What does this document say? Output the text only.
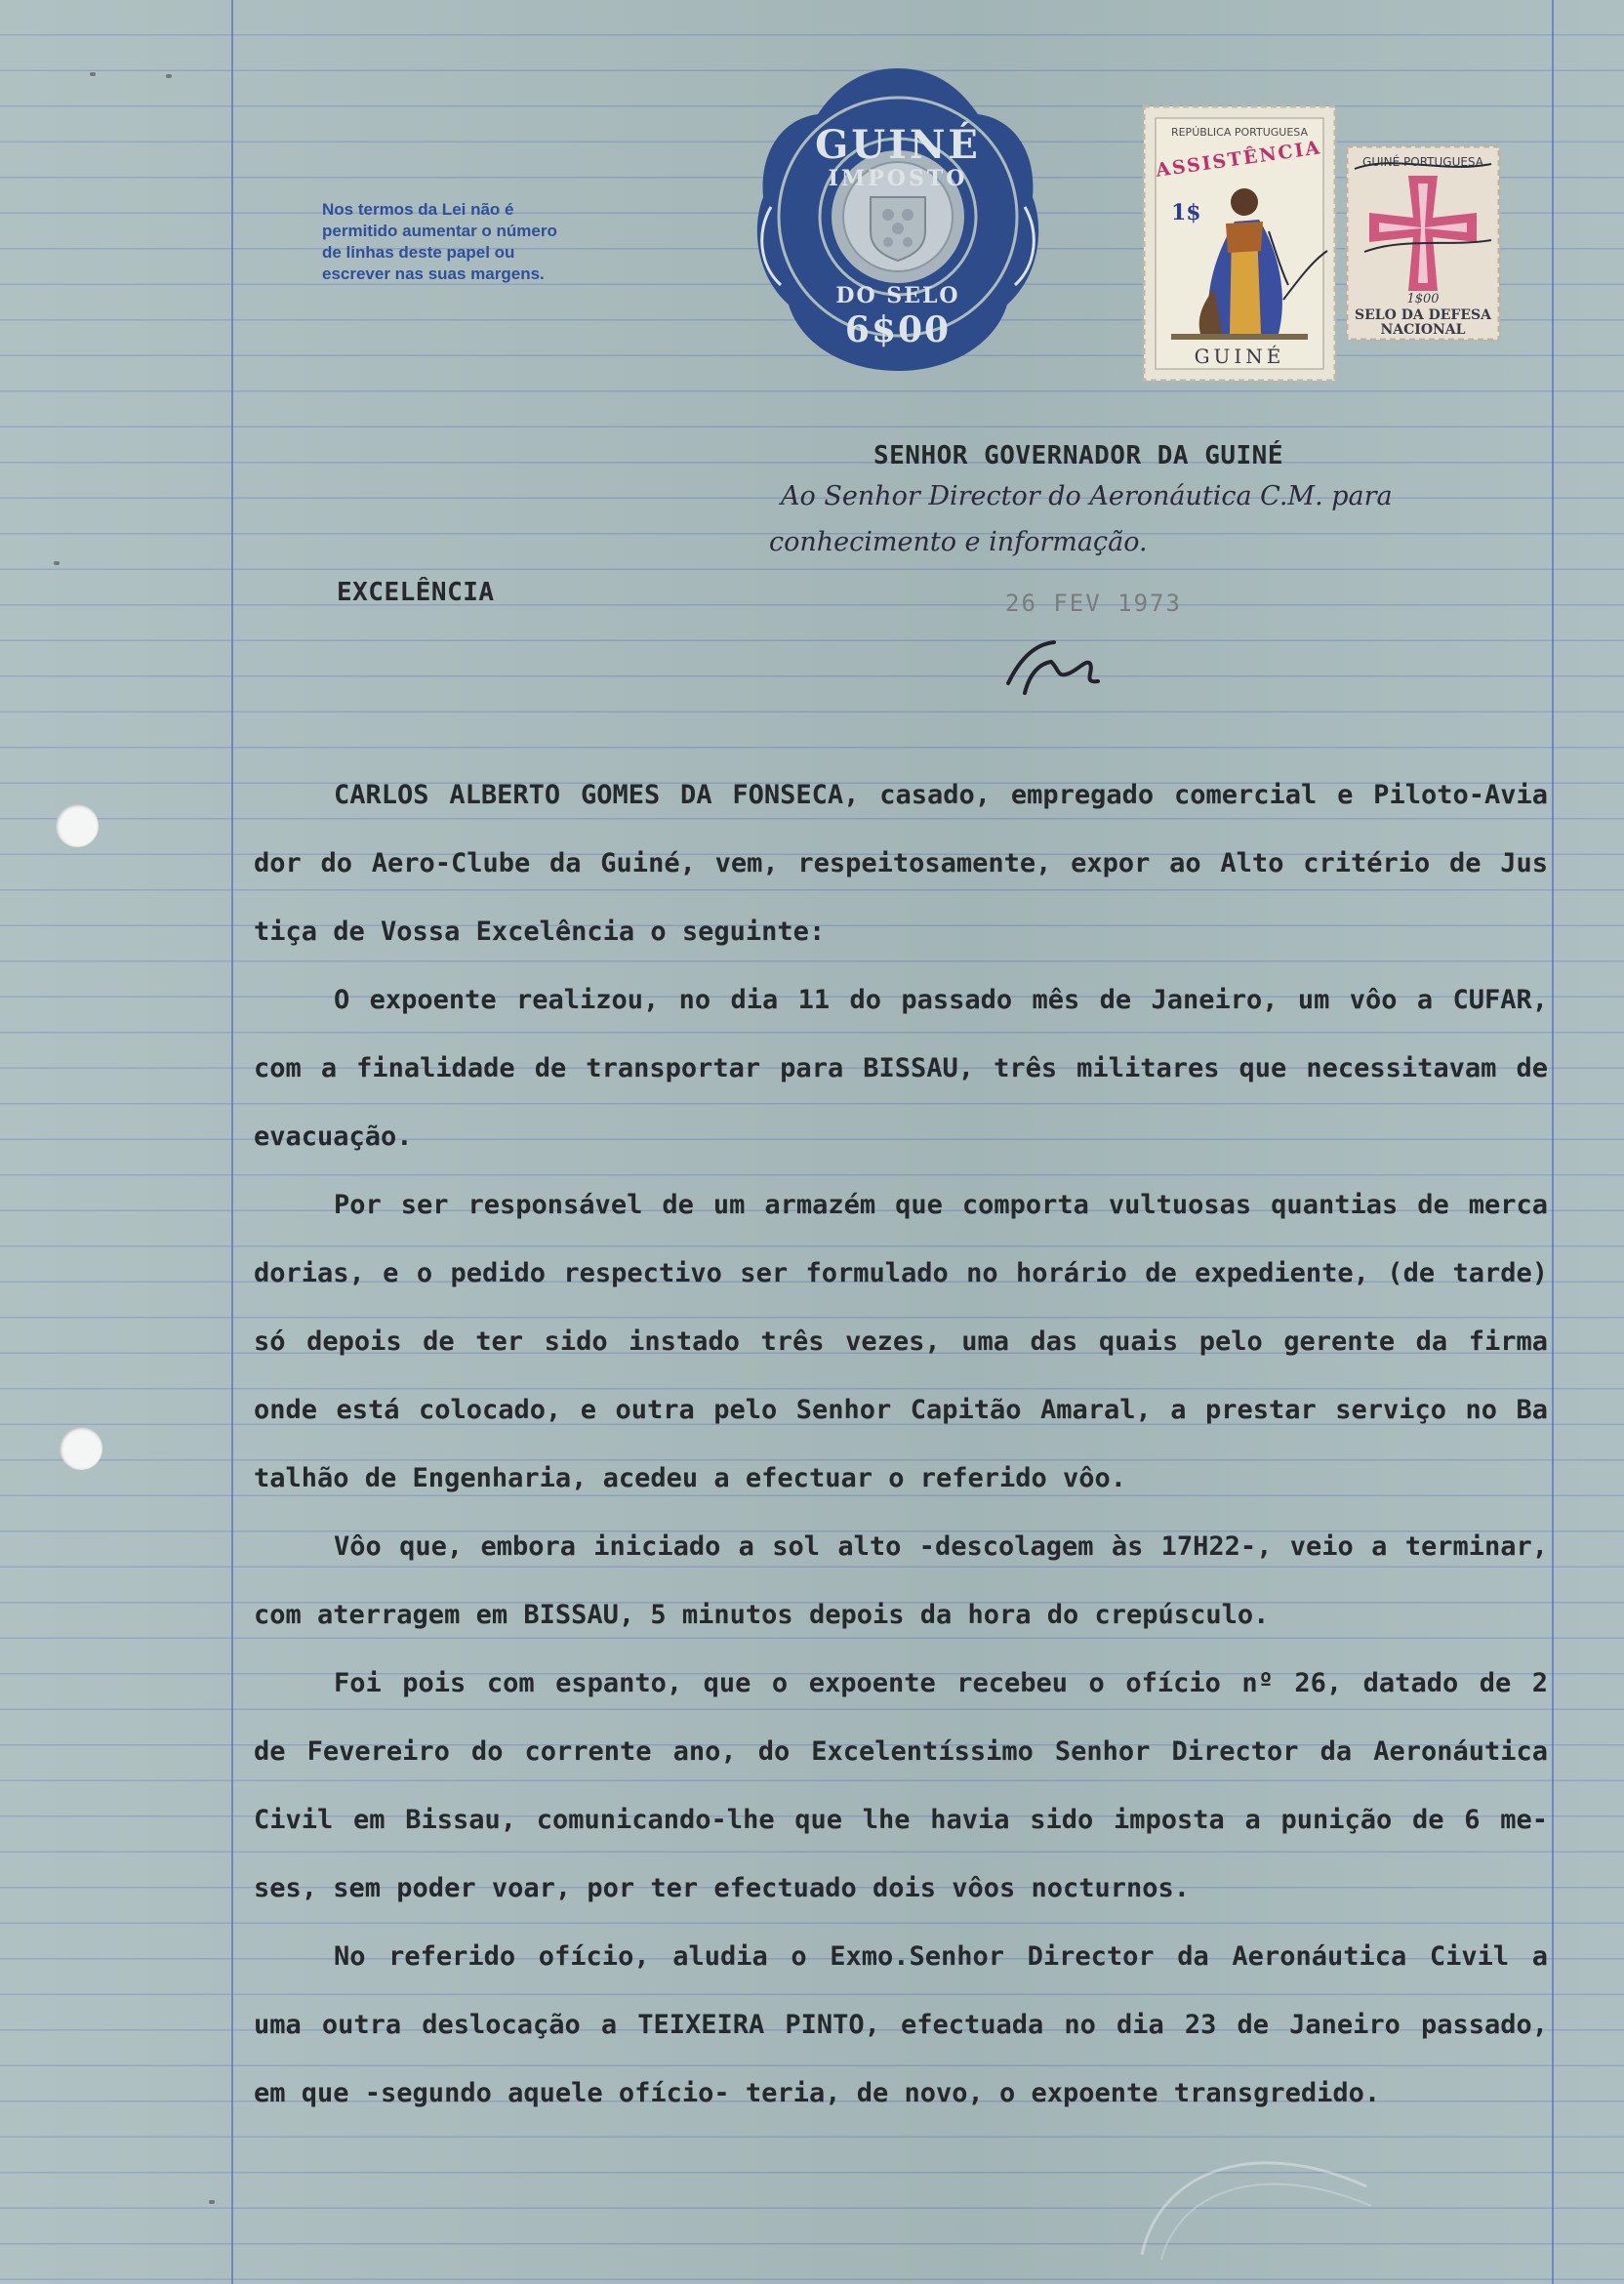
Nos termos da Lei não é permitido aumentar o número de linhas deste papel ou escrever nas suas margens.
GUINÉ
IMPOSTO
DO SELO
6$00
REPÚBLICA PORTUGUESA
ASSISTÊNCIA
1$
GUINÉ
GUINÉ PORTUGUESA
1$00
SELO DA DEFESA
NACIONAL
SENHOR GOVERNADOR DA GUINÉ
Ao Senhor Director do Aeronáutica C.M. para
conhecimento e informação.
EXCELÊNCIA	26 FEV 1973
CARLOS ALBERTO GOMES DA FONSECA, casado, empregado comercial e Piloto-Avia
dor do Aero-Clube da Guiné, vem, respeitosamente, expor ao Alto critério de Jus
tiça de Vossa Excelência o seguinte:
O expoente realizou, no dia 11 do passado mês de Janeiro, um vôo a CUFAR,
com a finalidade de transportar para BISSAU, três militares que necessitavam de
evacuação.
Por ser responsável de um armazém que comporta vultuosas quantias de merca
dorias, e o pedido respectivo ser formulado no horário de expediente, (de tarde)
só depois de ter sido instado três vezes, uma das quais pelo gerente da firma
onde está colocado, e outra pelo Senhor Capitão Amaral, a prestar serviço no Ba
talhão de Engenharia, acedeu a efectuar o referido vôo.
Vôo que, embora iniciado a sol alto -descolagem às 17H22-, veio a terminar,
com aterragem em BISSAU, 5 minutos depois da hora do crepúsculo.
Foi pois com espanto, que o expoente recebeu o ofício nº 26, datado de 2
de Fevereiro do corrente ano, do Excelentíssimo Senhor Director da Aeronáutica
Civil em Bissau, comunicando-lhe que lhe havia sido imposta a punição de 6 me-
ses, sem poder voar, por ter efectuado dois vôos nocturnos.
No referido ofício, aludia o Exmo.Senhor Director da Aeronáutica Civil a
uma outra deslocação a TEIXEIRA PINTO, efectuada no dia 23 de Janeiro passado,
em que -segundo aquele ofício- teria, de novo, o expoente transgredido.
